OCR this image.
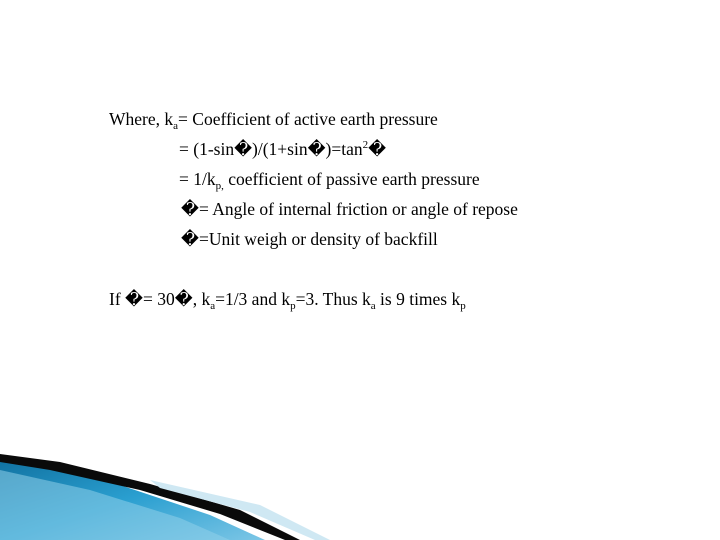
Where, $k_a=$ Coefficient of active earth pressure
= $(1-\sin�)/(1+\sin�)=\tan^2�$
= $1/k_{p,}$ coefficient of passive earth pressure
�= Angle of internal friction or angle of repose
�=Unit weigh or density of backfill
If �= 30�, $k_a=1/3$ and $k_p=3$. Thus $k_a$ is 9 times $k_p$
